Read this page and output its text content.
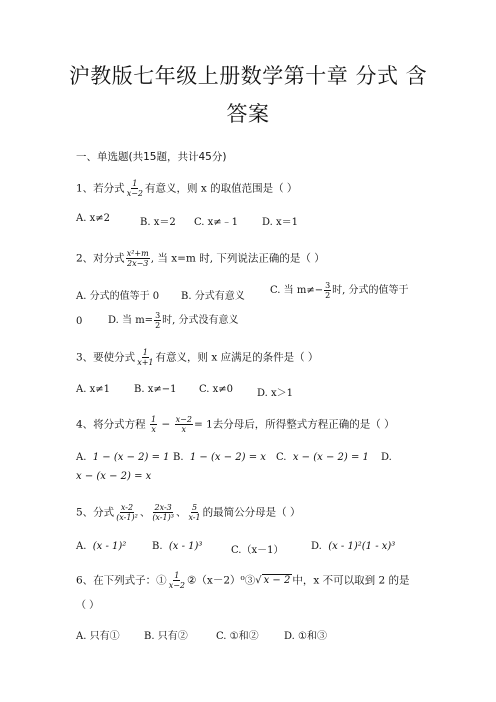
沪教版七年级上册数学第十章 分式 含
答案
一、单选题(共15题，共计45分)
1、若分式 $\frac{1}{x-2}$ 有意义，则 x 的取值范围是（ ）
A. x≠2	B. x＝2 C. x≠﹣1 D. x＝1
2、对分式 $\frac{\text{x²+m}}{2x-3}$ , 当 x=m 时, 下列说法正确的是（ ）
A. 分式的值等于 0 B. 分式有意义
C. 当 $m\ne- \frac{3}{2}$ 时, 分式的值等于
0	D. 当 $m= \frac{3}{2}$ 时, 分式没有意义
3、要使分式 $\frac{1}{x+1}$ 有意义，则 x 应满足的条件是（ ）
A. x≠1 B. x≠−1 C. x≠0 D. x＞1
4、将分式方程 $\frac{1}{x} - \frac{x-2}{x} = 1$去分母后，所得整式方程正确的是（ ）
A. 1 − (x − 2) = 1 B. 1 − (x − 2) = x C. x − (x − 2) = 1 D.
x − (x − 2) = x
5、分式 $\frac{x-2}{\text{(x-1)²}}$ 、 $\frac{2x-3}{\text{(x-1)³}}$ 、 $\frac{5}{x-1}$ 的最简公分母是（ ）
A. (x - 1)²	B. (x - 1)³	C.（x－1）	D. (x - 1)²(1 - x)³
6、在下列式子：① $\frac{1}{x-2}$ ②（x－2）⁰③√ x − 2 中，x 不可以取到 2 的是
（ ）
A. 只有① B. 只有②	C. ①和②	D. ①和③
